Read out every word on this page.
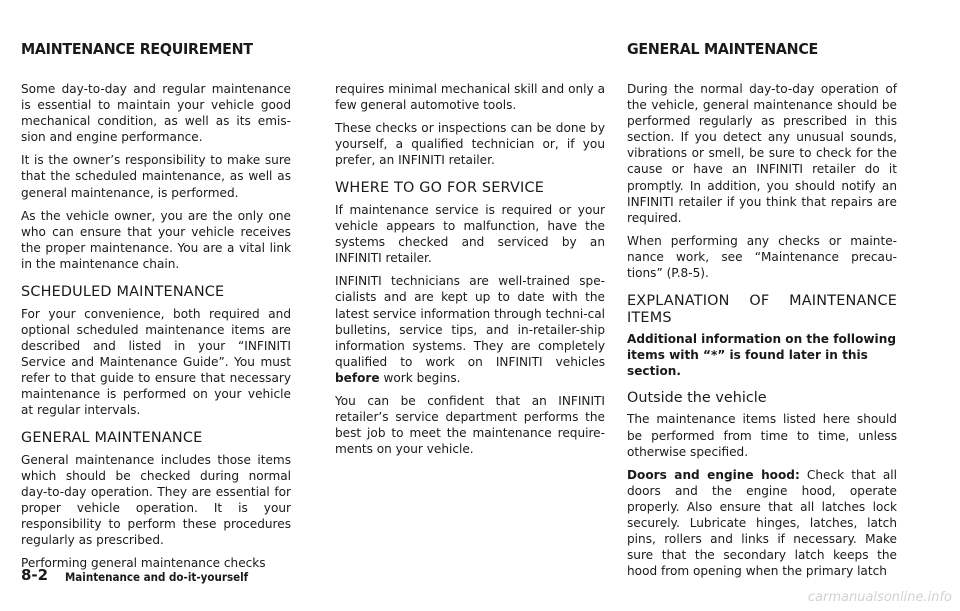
MAINTENANCE REQUIREMENT	GENERAL MAINTENANCE

Some day-to-day and regular maintenance is essential to maintain your vehicle good mechanical condition, as well as its emis-sion and engine performance.

It is the owner’s responsibility to make sure that the scheduled maintenance, as well as general maintenance, is performed.

As the vehicle owner, you are the only one who can ensure that your vehicle receives the proper maintenance. You are a vital link in the maintenance chain.

SCHEDULED MAINTENANCE

For your convenience, both required and optional scheduled maintenance items are described and listed in your “INFINITI Service and Maintenance Guide”. You must refer to that guide to ensure that necessary maintenance is performed on your vehicle at regular intervals.

GENERAL MAINTENANCE

General maintenance includes those items which should be checked during normal day-to-day operation. They are essential for proper vehicle operation. It is your responsibility to perform these procedures regularly as prescribed.

Performing general maintenance checks

requires minimal mechanical skill and only a few general automotive tools.

These checks or inspections can be done by yourself, a qualified technician or, if you prefer, an INFINITI retailer.

WHERE TO GO FOR SERVICE

If maintenance service is required or your vehicle appears to malfunction, have the systems checked and serviced by an INFINITI retailer.

INFINITI technicians are well-trained spe-cialists and are kept up to date with the latest service information through techni-cal bulletins, service tips, and in-retailer-ship information systems. They are completely qualified to work on INFINITI vehicles before work begins.

You can be confident that an INFINITI retailer’s service department performs the best job to meet the maintenance require-ments on your vehicle.

During the normal day-to-day operation of the vehicle, general maintenance should be performed regularly as prescribed in this section. If you detect any unusual sounds, vibrations or smell, be sure to check for the cause or have an INFINITI retailer do it promptly. In addition, you should notify an INFINITI retailer if you think that repairs are required.

When performing any checks or mainte-nance work, see “Maintenance precau-tions” (P.8-5).

EXPLANATION OF MAINTENANCE ITEMS

Additional information on the following items with “*” is found later in this section.

Outside the vehicle

The maintenance items listed here should be performed from time to time, unless otherwise specified.

Doors and engine hood: Check that all doors and the engine hood, operate properly. Also ensure that all latches lock securely. Lubricate hinges, latches, latch pins, rollers and links if necessary. Make sure that the secondary latch keeps the hood from opening when the primary latch

8-2 Maintenance and do-it-yourself
carmanualsonline.info
